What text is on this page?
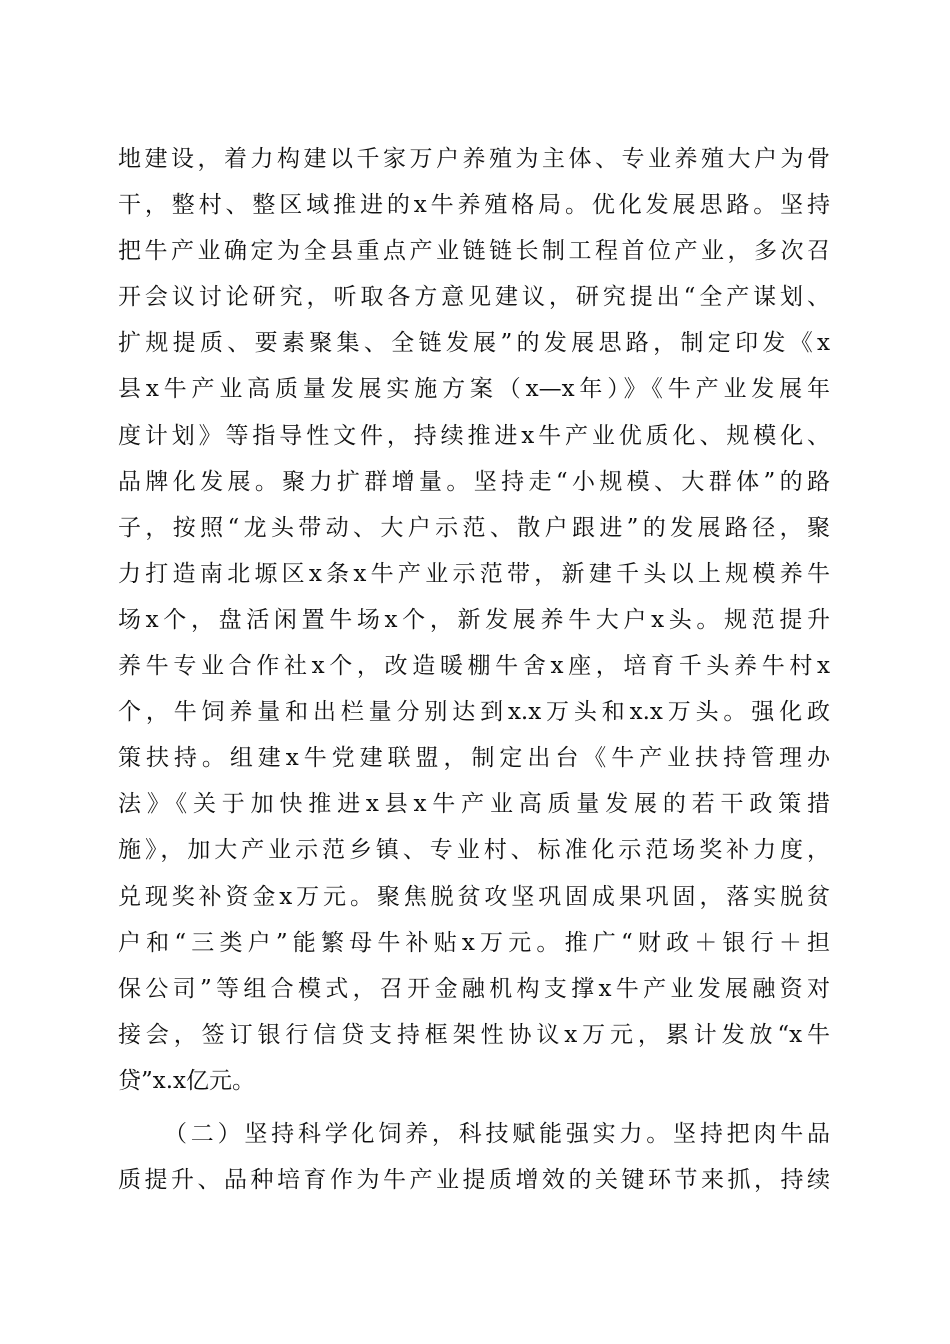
地建设，着力构建以千家万户养殖为主体、专业养殖大户为骨
干，整村、整区域推进的x牛养殖格局。优化发展思路。坚持
把牛产业确定为全县重点产业链链长制工程首位产业，多次召
开会议讨论研究，听取各方意见建议，研究提出“全产谋划、
扩规提质、要素聚集、全链发展”的发展思路，制定印发《x
县x牛产业高质量发展实施方案（x—x年）》《牛产业发展年
度计划》等指导性文件，持续推进x牛产业优质化、规模化、
品牌化发展。聚力扩群增量。坚持走“小规模、大群体”的路
子，按照“龙头带动、大户示范、散户跟进”的发展路径，聚
力打造南北塬区x条x牛产业示范带，新建千头以上规模养牛
场x个，盘活闲置牛场x个，新发展养牛大户x头。规范提升
养牛专业合作社x个，改造暖棚牛舍x座，培育千头养牛村x
个，牛饲养量和出栏量分别达到x.x万头和x.x万头。强化政
策扶持。组建x牛党建联盟，制定出台《牛产业扶持管理办
法》《关于加快推进x县x牛产业高质量发展的若干政策措
施》，加大产业示范乡镇、专业村、标准化示范场奖补力度，
兑现奖补资金x万元。聚焦脱贫攻坚巩固成果巩固，落实脱贫
户和“三类户”能繁母牛补贴x万元。推广“财政＋银行＋担
保公司”等组合模式，召开金融机构支撑x牛产业发展融资对
接会，签订银行信贷支持框架性协议x万元，累计发放“x牛
贷”x.x亿元。
（二）坚持科学化饲养，科技赋能强实力。坚持把肉牛品
质提升、品种培育作为牛产业提质增效的关键环节来抓，持续
